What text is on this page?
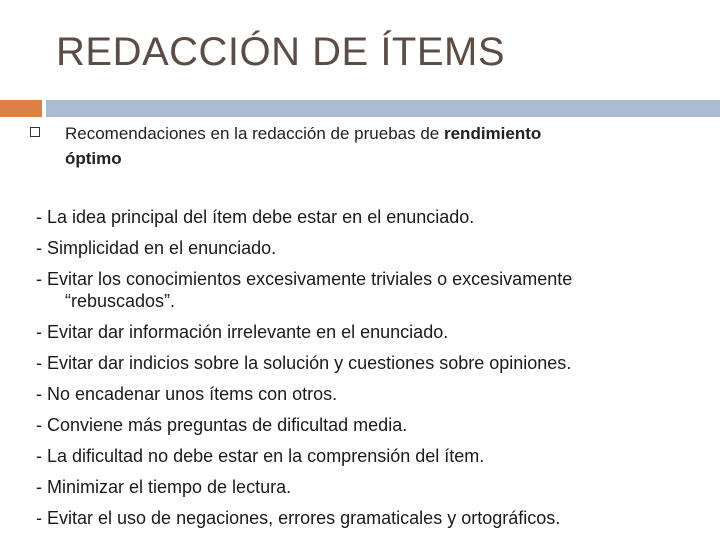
REDACCIÓN DE ÍTEMS
Recomendaciones en la redacción de pruebas de rendimiento
óptimo
- La idea principal del ítem debe estar en el enunciado.
- Simplicidad en el enunciado.
- Evitar los conocimientos excesivamente triviales o excesivamente
“rebuscados”.
- Evitar dar información irrelevante en el enunciado.
- Evitar dar indicios sobre la solución y cuestiones sobre opiniones.
- No encadenar unos ítems con otros.
- Conviene más preguntas de dificultad media.
- La dificultad no debe estar en la comprensión del ítem.
- Minimizar el tiempo de lectura.
- Evitar el uso de negaciones, errores gramaticales y ortográficos.
